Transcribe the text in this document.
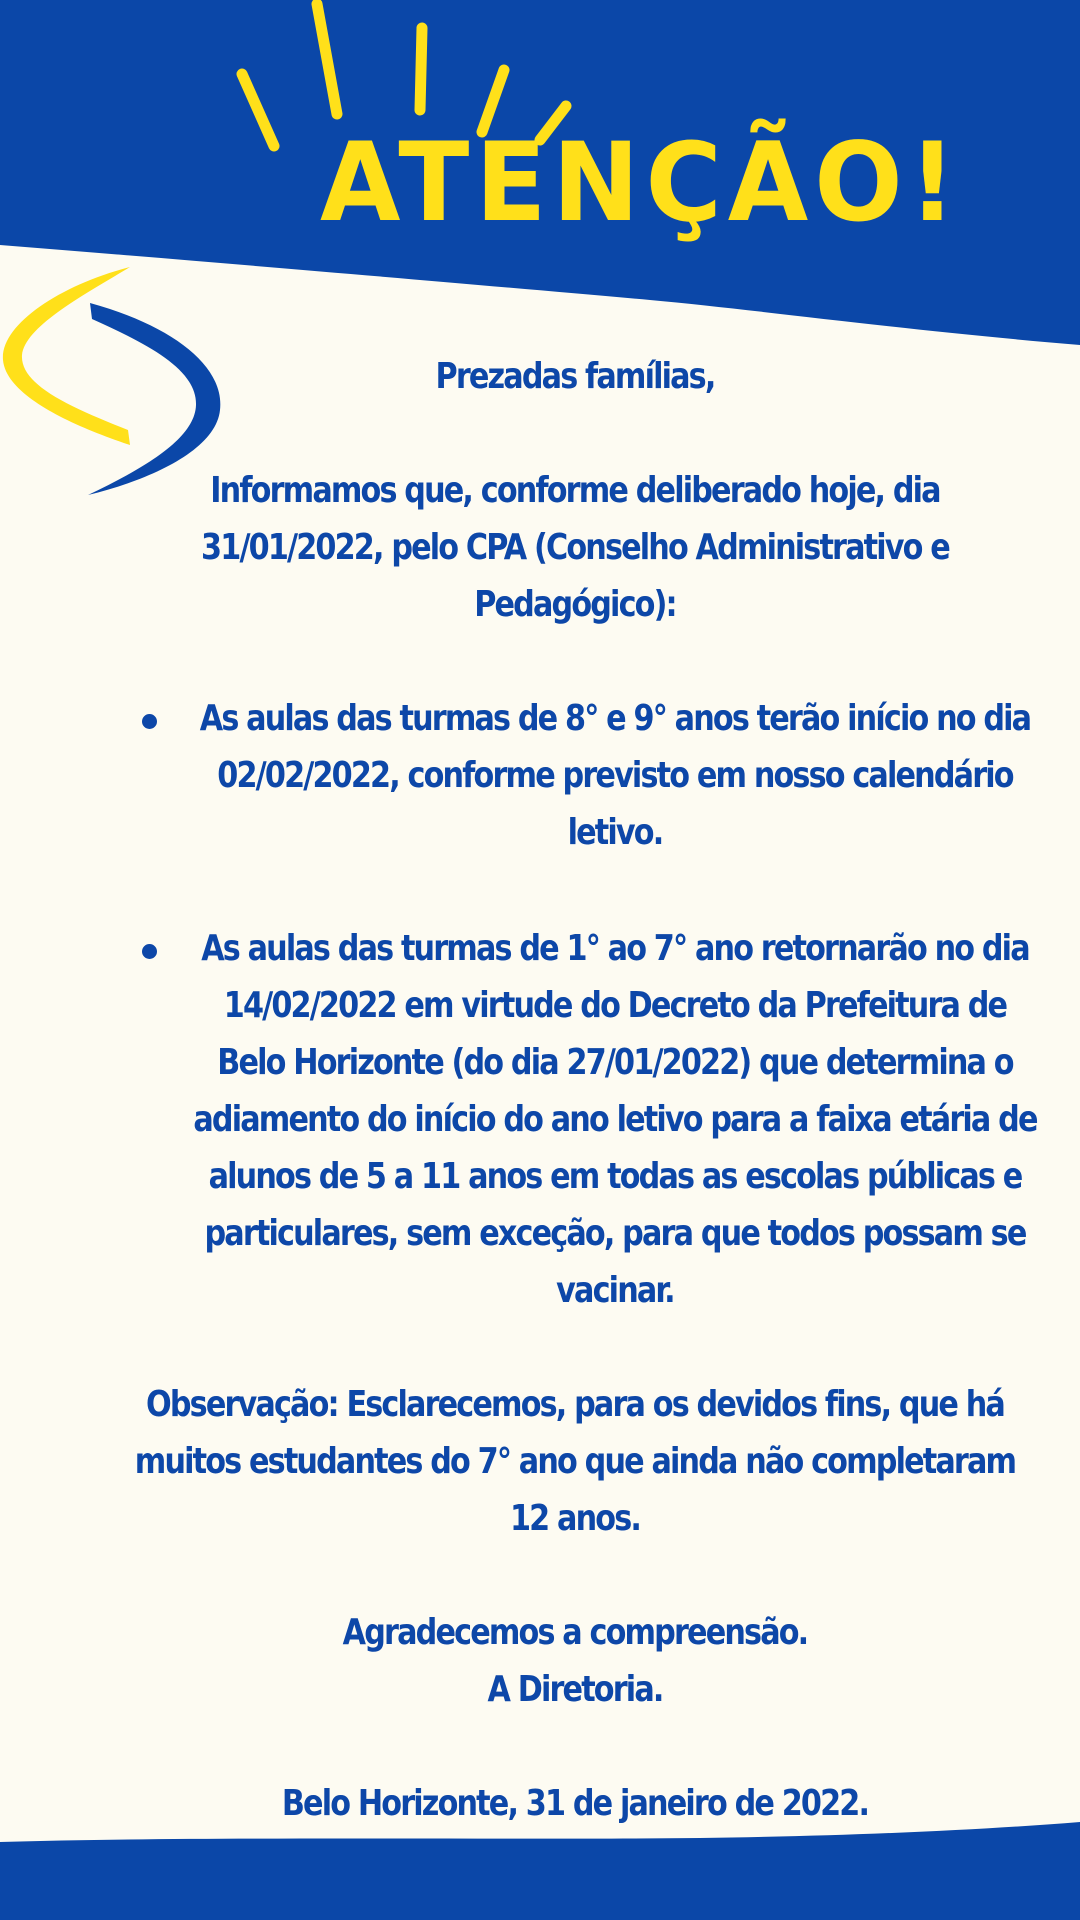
ATENÇÃO!

Prezadas famílias,

Informamos que, conforme deliberado hoje, dia 31/01/2022, pelo CPA (Conselho Administrativo e Pedagógico):

As aulas das turmas de 8° e 9° anos terão início no dia 02/02/2022, conforme previsto em nosso calendário letivo.

As aulas das turmas de 1° ao 7° ano retornarão no dia 14/02/2022 em virtude do Decreto da Prefeitura de Belo Horizonte (do dia 27/01/2022) que determina o adiamento do início do ano letivo para a faixa etária de alunos de 5 a 11 anos em todas as escolas públicas e particulares, sem exceção, para que todos possam se vacinar.

Observação: Esclarecemos, para os devidos fins, que há muitos estudantes do 7° ano que ainda não completaram 12 anos.

Agradecemos a compreensão.

A Diretoria.

Belo Horizonte, 31 de janeiro de 2022.
